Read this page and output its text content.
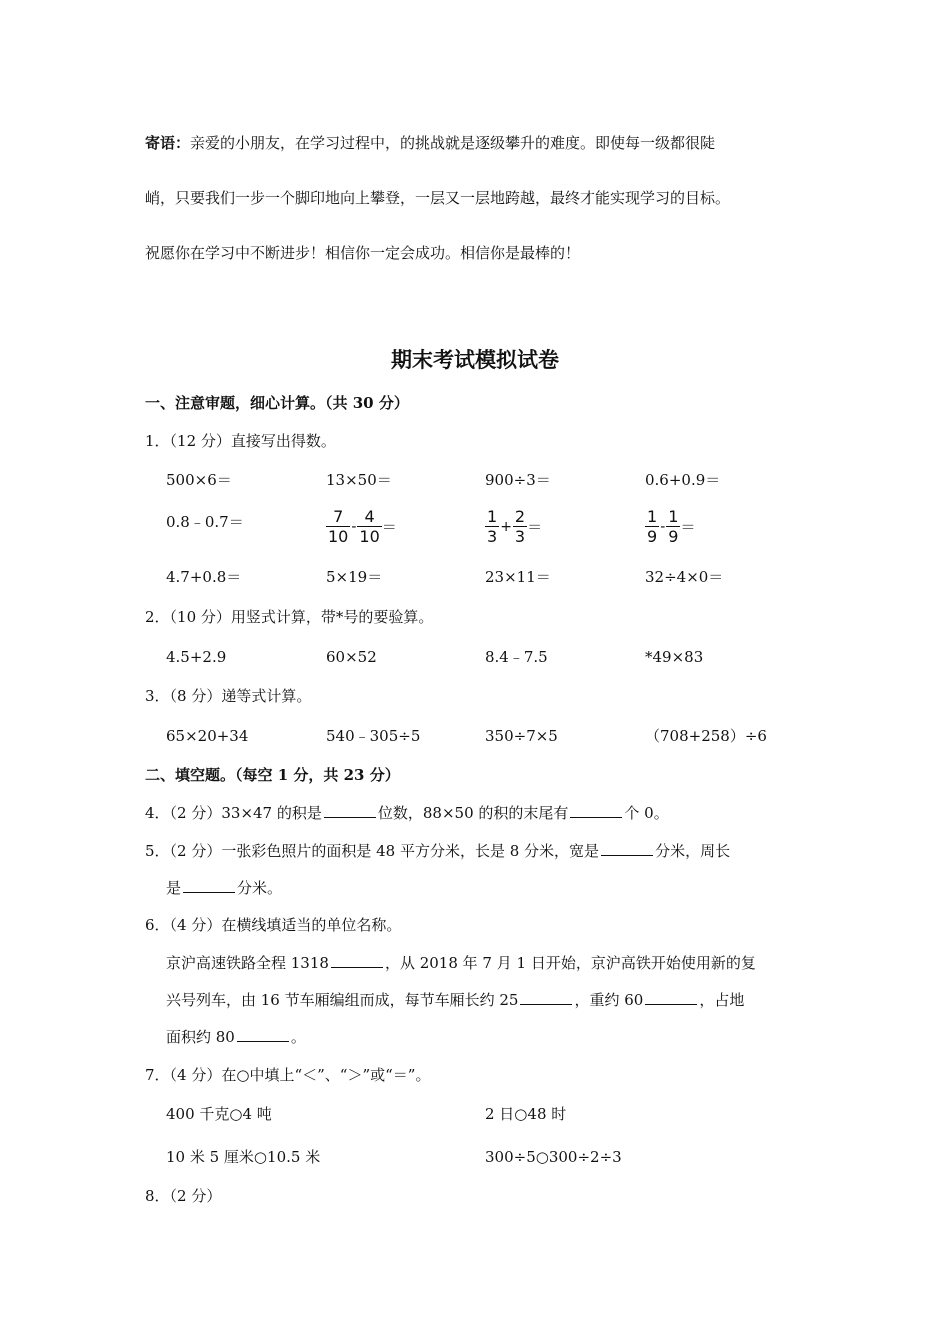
寄语：亲爱的小朋友，在学习过程中，的挑战就是逐级攀升的难度。即使每一级都很陡
峭，只要我们一步一个脚印地向上攀登，一层又一层地跨越，最终才能实现学习的目标。
祝愿你在学习中不断进步！相信你一定会成功。相信你是最棒的！
期末考试模拟试卷
一、注意审题，细心计算。（共 30 分）
1．（12 分）直接写出得数。
500×6＝	13×50＝	900÷3＝	0.6+0.9＝
0.8﹣0.7＝	$\frac{7}{10} - \frac{4}{10}$ ＝	$\frac{1}{3} + \frac{2}{3}$ ＝	$\frac{1}{9} - \frac{1}{9}$ ＝
4.7+0.8＝	5×19＝	23×11＝	32÷4×0＝
2．（10 分）用竖式计算，带*号的要验算。
4.5+2.9	60×52	8.4﹣7.5	*49×83
3．（8 分）递等式计算。
65×20+34	540﹣305÷5	350÷7×5	（708+258）÷6
二、填空题。（每空 1 分，共 23 分）
4．（2 分）33×47 的积是	位数，88×50 的积的末尾有	个 0。
5．（2 分）一张彩色照片的面积是 48 平方分米，长是 8 分米，宽是	分米，周长
是	分米。
6．（4 分）在横线填适当的单位名称。
京沪高速铁路全程 1318	，从 2018 年 7 月 1 日开始，京沪高铁开始使用新的复
兴号列车，由 16 节车厢编组而成，每节车厢长约 25	，重约 60	，占地
面积约 80	。
7．（4 分）在○中填上“＜”、“＞”或“＝”。
400 千克○4 吨	2 日○48 时
10 米 5 厘米○10.5 米	300÷5○300÷2÷3
8．（2 分）
